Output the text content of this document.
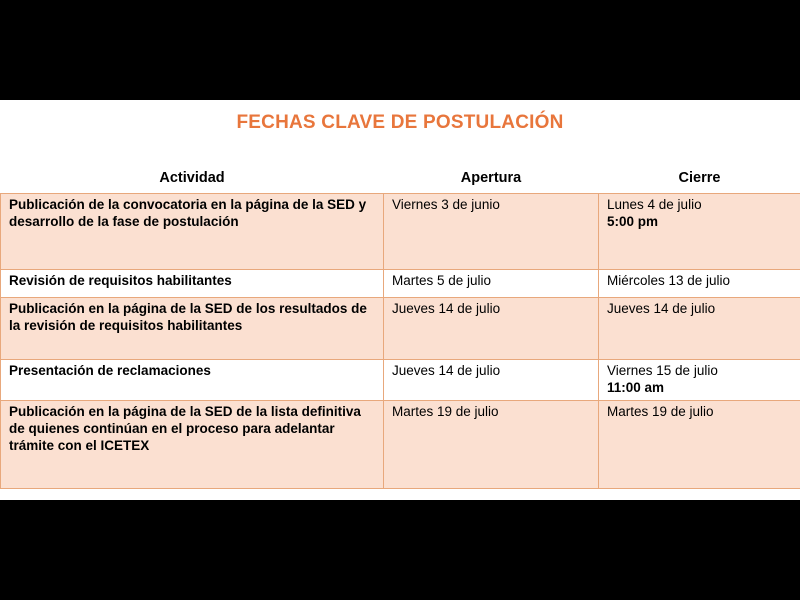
FECHAS CLAVE DE POSTULACIÓN
Actividad	Apertura	Cierre
Publicación de la convocatoria en la página de la SED y desarrollo de la fase de postulación	Viernes 3 de junio	Lunes 4 de julio
5:00 pm

Revisión de requisitos habilitantes	Martes 5 de julio	Miércoles 13 de julio
Publicación en la página de la SED de los resultados de la revisión de requisitos habilitantes	Jueves 14 de julio	Jueves 14 de julio
Presentación de reclamaciones	Jueves 14 de julio	Viernes 15 de julio
11:00 am

Publicación en la página de la SED de la lista definitiva de quienes continúan en el proceso para adelantar trámite con el ICETEX	Martes 19 de julio	Martes 19 de julio
